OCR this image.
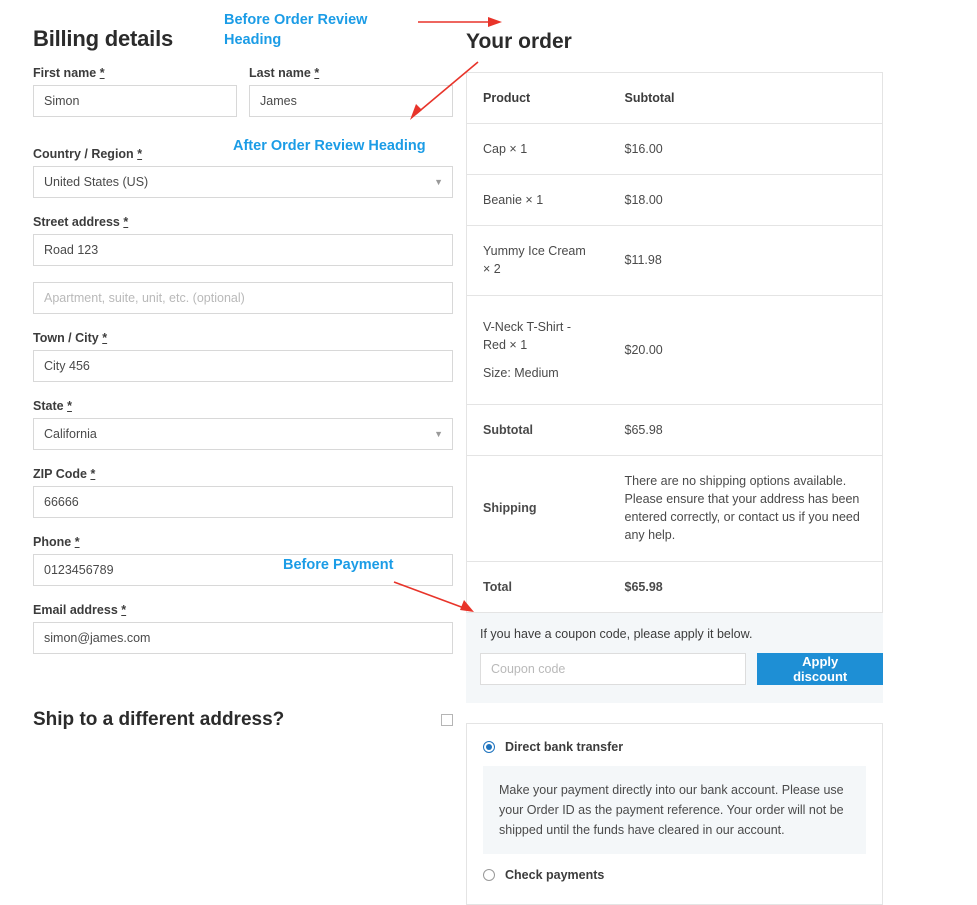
Billing details
First name *
Simon	Last name *
James
Country / Region *
United States (US)
▼
Street address *
Road 123
Apartment, suite, unit, etc. (optional)
Town / City *
City 456
State *
California
▼
ZIP Code *
66666
Phone *
0123456789
Email address *
simon@james.com
Ship to a different address?
Your order
Product	Subtotal
Cap × 1	$16.00
Beanie × 1	$18.00
Yummy Ice Cream × 2	$11.98
V-Neck T-Shirt - Red × 1
Size: Medium	$20.00
Subtotal	$65.98
Shipping	There are no shipping options available. Please ensure that your address has been entered correctly, or contact us if you need any help.
Total	$65.98
If you have a coupon code, please apply it below.
Coupon code
Apply discount
Direct bank transfer
Make your payment directly into our bank account. Please use your Order ID as the payment reference. Your order will not be shipped until the funds have cleared in our account.
Check payments
Before Order Review Heading
After Order Review Heading
Before Payment
